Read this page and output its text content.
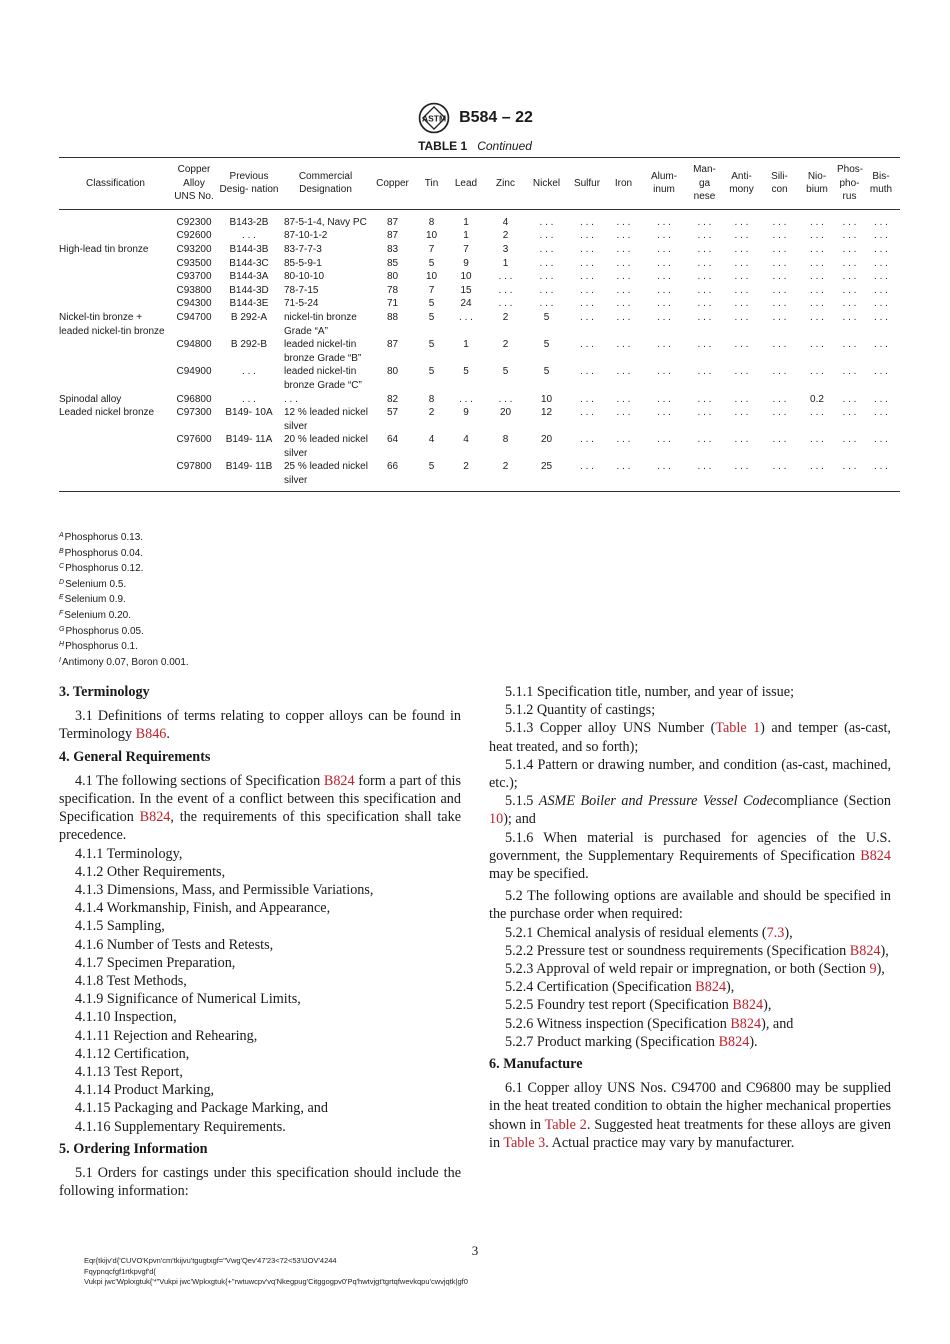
ASTM B584 – 22
TABLE 1 Continued
Classification	Copper Alloy UNS No.	Previous Desig- nation	Commercial Designation	Copper	Tin	Lead	Zinc	Nickel	Sulfur	Iron	Alum- inum	Man- ga nese	Anti- mony	Sili- con	Nio- bium	Phos- pho- rus	Bis- muth
	C92300	B143-2B	87-5-1-4, Navy PC	87	8	1	4	. . .	. . .	. . .	. . .	. . .	. . .	. . .	. . .	. . .	. . .
	C92600	. . .	87-10-1-2	87	10	1	2	. . .	. . .	. . .	. . .	. . .	. . .	. . .	. . .	. . .	. . .
High-lead tin bronze	C93200	B144-3B	83-7-7-3	83	7	7	3	. . .	. . .	. . .	. . .	. . .	. . .	. . .	. . .	. . .	. . .
	C93500	B144-3C	85-5-9-1	85	5	9	1	. . .	. . .	. . .	. . .	. . .	. . .	. . .	. . .	. . .	. . .
	C93700	B144-3A	80-10-10	80	10	10	. . .	. . .	. . .	. . .	. . .	. . .	. . .	. . .	. . .	. . .	. . .
	C93800	B144-3D	78-7-15	78	7	15	. . .	. . .	. . .	. . .	. . .	. . .	. . .	. . .	. . .	. . .	. . .
	C94300	B144-3E	71-5-24	71	5	24	. . .	. . .	. . .	. . .	. . .	. . .	. . .	. . .	. . .	. . .	. . .
Nickel-tin bronze + leaded nickel-tin bronze	C94700	B 292-A	nickel-tin bronze Grade “A”	88	5	. . .	2	5	. . .	. . .	. . .	. . .	. . .	. . .	. . .	. . .	. . .
	C94800	B 292-B	leaded nickel-tin bronze Grade “B”	87	5	1	2	5	. . .	. . .	. . .	. . .	. . .	. . .	. . .	. . .	. . .
	C94900	. . .	leaded nickel-tin bronze Grade “C”	80	5	5	5	5	. . .	. . .	. . .	. . .	. . .	. . .	. . .	. . .	. . .
Spinodal alloy	C96800	. . .	. . .	82	8	. . .	. . .	10	. . .	. . .	. . .	. . .	. . .	. . .	0.2	. . .	. . .
Leaded nickel bronze	C97300	B149- 10A	12 % leaded nickel silver	57	2	9	20	12	. . .	. . .	. . .	. . .	. . .	. . .	. . .	. . .	. . .
	C97600	B149- 11A	20 % leaded nickel silver	64	4	4	8	20	. . .	. . .	. . .	. . .	. . .	. . .	. . .	. . .	. . .
	C97800	B149- 11B	25 % leaded nickel silver	66	5	2	2	25	. . .	. . .	. . .	. . .	. . .	. . .	. . .	. . .	. . .
$^A$Phosphorus 0.13.
$^B$Phosphorus 0.04.
$^C$Phosphorus 0.12.
$^D$Selenium 0.5.
$^E$Selenium 0.9.
$^F$Selenium 0.20.
$^G$Phosphorus 0.05.
$^H$Phosphorus 0.1.
$^I$Antimony 0.07, Boron 0.001.
3. Terminology

3.1 Definitions of terms relating to copper alloys can be found in Terminology B846.

4. General Requirements

4.1 The following sections of Specification B824 form a part of this specification. In the event of a conflict between this specification and Specification B824, the requirements of this specification shall take precedence.

4.1.1 Terminology,

4.1.2 Other Requirements,

4.1.3 Dimensions, Mass, and Permissible Variations,

4.1.4 Workmanship, Finish, and Appearance,

4.1.5 Sampling,

4.1.6 Number of Tests and Retests,

4.1.7 Specimen Preparation,

4.1.8 Test Methods,

4.1.9 Significance of Numerical Limits,

4.1.10 Inspection,

4.1.11 Rejection and Rehearing,

4.1.12 Certification,

4.1.13 Test Report,

4.1.14 Product Marking,

4.1.15 Packaging and Package Marking, and

4.1.16 Supplementary Requirements.

5. Ordering Information

5.1 Orders for castings under this specification should include the following information:

5.1.1 Specification title, number, and year of issue;

5.1.2 Quantity of castings;

5.1.3 Copper alloy UNS Number (Table 1) and temper (as-cast, heat treated, and so forth);

5.1.4 Pattern or drawing number, and condition (as-cast, machined, etc.);

5.1.5 ASME Boiler and Pressure Vessel Codecompliance (Section 10); and

5.1.6 When material is purchased for agencies of the U.S. government, the Supplementary Requirements of Specification B824 may be specified.

5.2 The following options are available and should be specified in the purchase order when required:

5.2.1 Chemical analysis of residual elements (7.3),

5.2.2 Pressure test or soundness requirements (Specification B824),

5.2.3 Approval of weld repair or impregnation, or both (Section 9),

5.2.4 Certification (Specification B824),

5.2.5 Foundry test report (Specification B824),

5.2.6 Witness inspection (Specification B824), and

5.2.7 Product marking (Specification B824).

6. Manufacture

6.1 Copper alloy UNS Nos. C94700 and C96800 may be supplied in the heat treated condition to obtain the higher mechanical properties shown in Table 2. Suggested heat treatments for these alloys are given in Table 3. Actual practice may vary by manufacturer.

3
Eqr{tkijv'd{'CUVO'Kpvn'cm'tkijvu'tgugtxgf="Vwg'Qev'47'23<72<53'ĲOV'4244
Fqypnqcfgf1rtkpvgf'd{
Vukpi jwc'Wpkxgtuk{'*"Vukpi jwc'Wpkxgtuk{+"rwtuwcpv'vq'Nkegpug'Citggogpv0'Pq'hwtvjgt'tgrtqfwevkqpu'cwvjqtk|gf0
